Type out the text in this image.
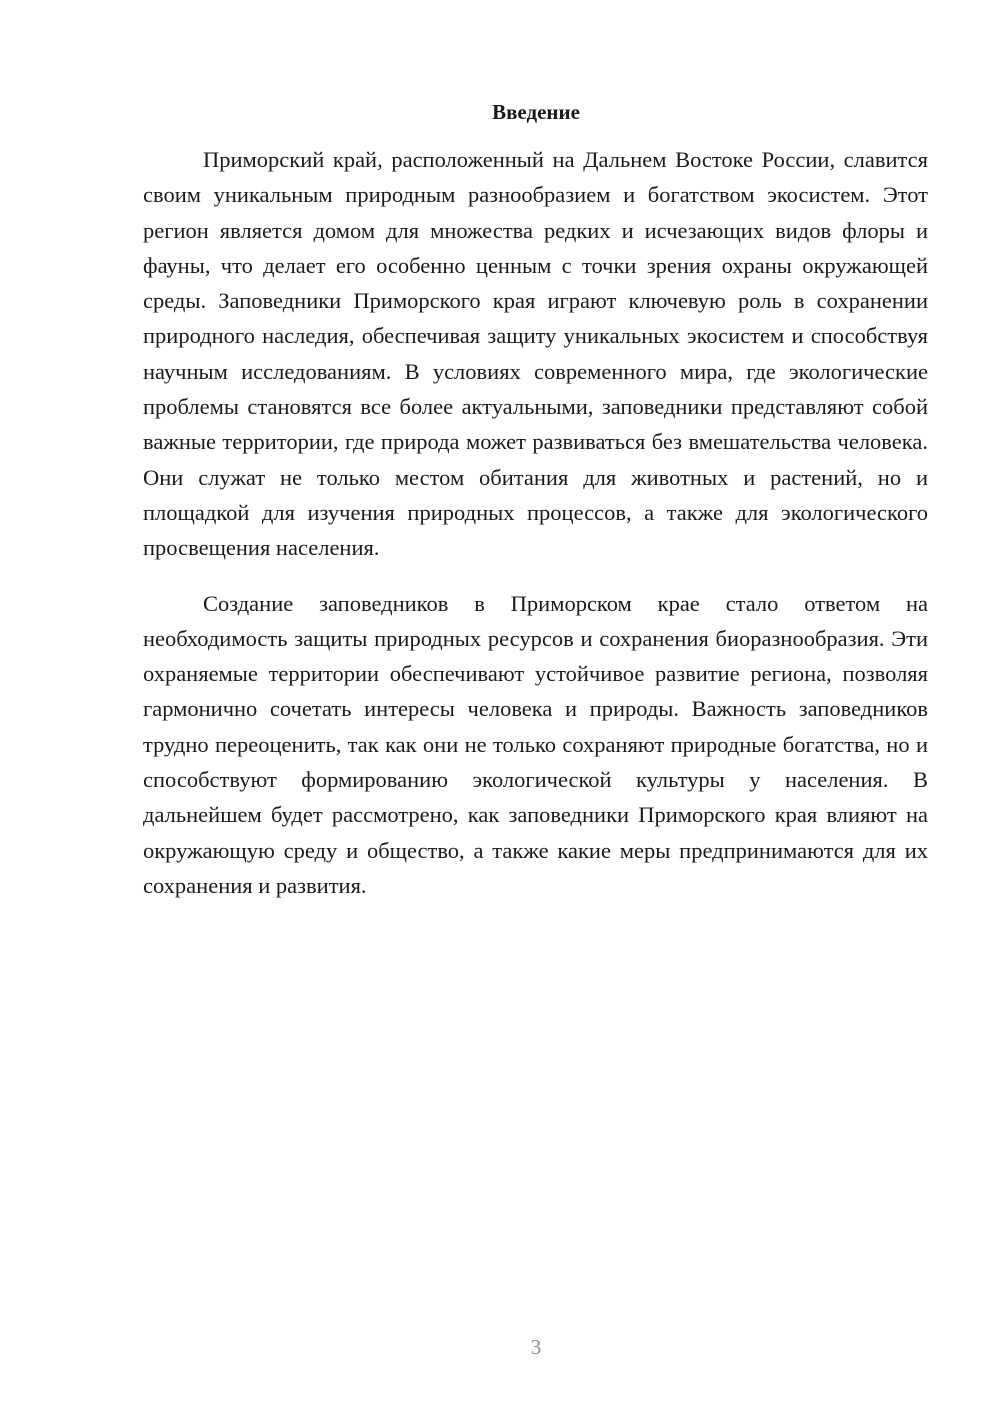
Введение

Приморский край, расположенный на Дальнем Востоке России, славится своим уникальным природным разнообразием и богатством экосистем. Этот регион является домом для множества редких и исчезающих видов флоры и фауны, что делает его особенно ценным с точки зрения охраны окружающей среды. Заповедники Приморского края играют ключевую роль в сохранении природного наследия, обеспечивая защиту уникальных экосистем и способствуя научным исследованиям. В условиях современного мира, где экологические проблемы становятся все более актуальными, заповедники представляют собой важные территории, где природа может развиваться без вмешательства человека. Они служат не только местом обитания для животных и растений, но и площадкой для изучения природных процессов, а также для экологического просвещения населения.

Создание заповедников в Приморском крае стало ответом на необходимость защиты природных ресурсов и сохранения биоразнообразия. Эти охраняемые территории обеспечивают устойчивое развитие региона, позволяя гармонично сочетать интересы человека и природы. Важность заповедников трудно переоценить, так как они не только сохраняют природные богатства, но и способствуют формированию экологической культуры у населения. В дальнейшем будет рассмотрено, как заповедники Приморского края влияют на окружающую среду и общество, а также какие меры предпринимаются для их сохранения и развития.

3
